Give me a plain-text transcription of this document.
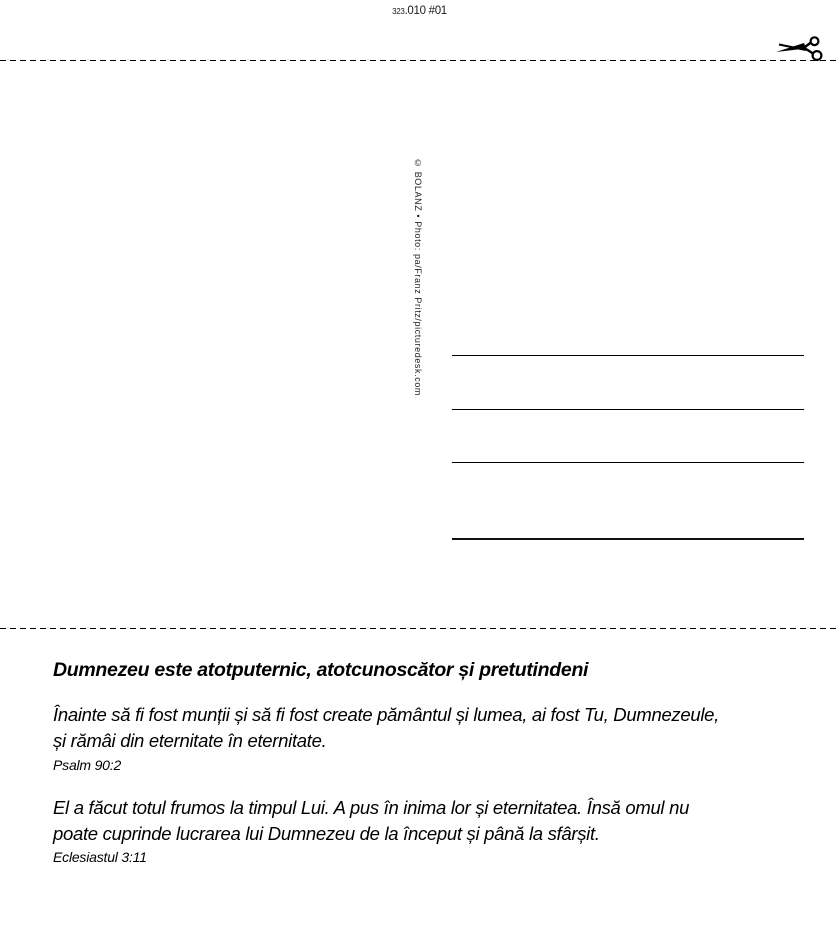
323.010 #01
© BOLANZ • Photo: pa/Franz Pritz/picturedesk.com
Dumnezeu este atotputernic, atotcunoscător și pretutindeni
Înainte să fi fost munții și să fi fost create pământul și lumea, ai fost Tu, Dumnezeule,
și rămâi din eternitate în eternitate.
Psalm 90:2
El a făcut totul frumos la timpul Lui. A pus în inima lor și eternitatea. Însă omul nu
poate cuprinde lucrarea lui Dumnezeu de la început și până la sfârșit.
Eclesiastul 3:11
